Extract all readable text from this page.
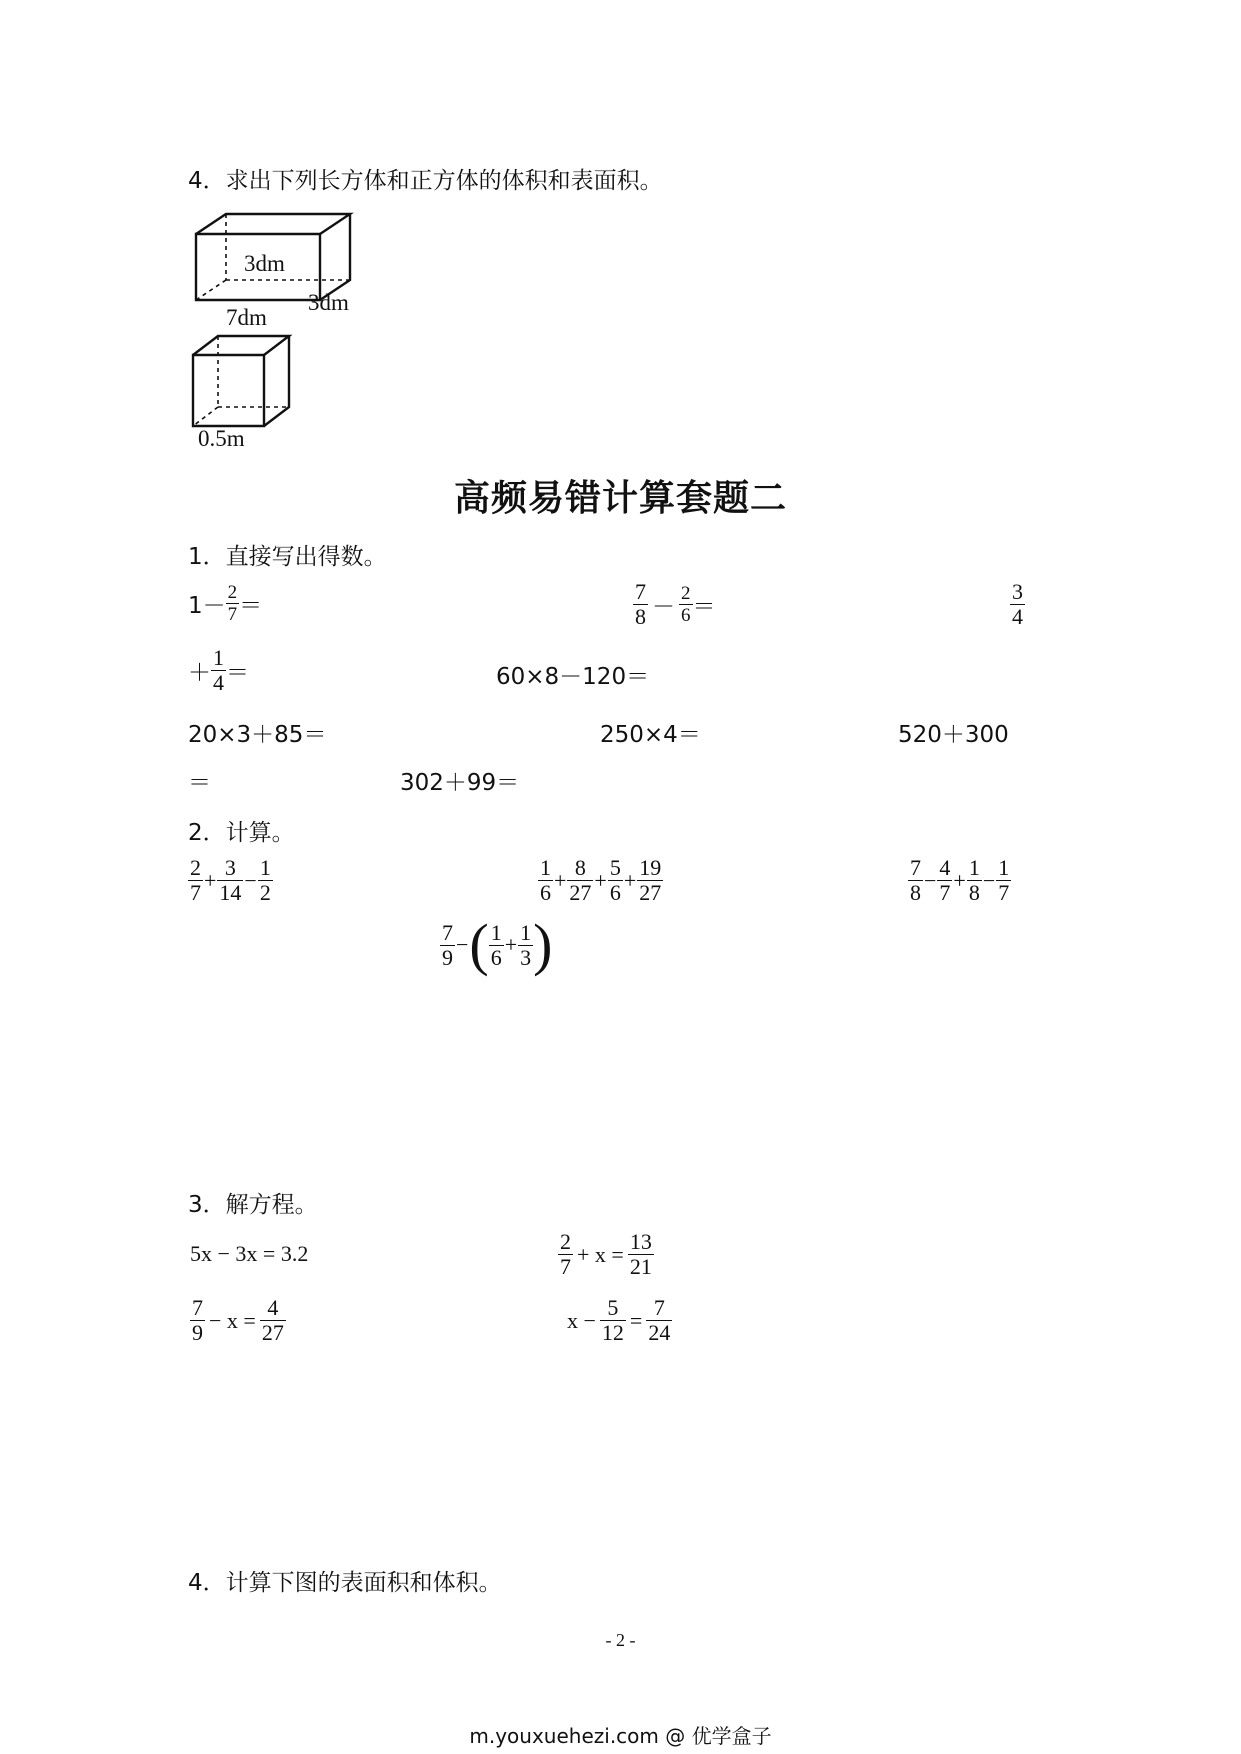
4．求出下列长方体和正方体的体积和表面积。
3dm
3dm
7dm
0.5m
高频易错计算套题二
1．直接写出得数。
$1- \frac{2}{7}$ ＝	$\frac{7}{8} - \frac{2}{6}$ ＝	$\frac{3}{4}$
＋ $\frac{1}{4}$ ＝	60×8－120＝
20×3＋85＝	250×4＝	520＋300
＝	302＋99＝
2．计算。
$\frac{2}{7} + \frac{3}{14} - \frac{1}{2}$	$\frac{1}{6} + \frac{8}{27} + \frac{5}{6} + \frac{19}{27}$	$\frac{7}{8} - \frac{4}{7} + \frac{1}{8} - \frac{1}{7}$
$\frac{7}{9}$ −( $\frac{1}{6} + \frac{1}{3}$ )
3．解方程。
5x − 3x = 3.2	$\frac{2}{7} + x = \frac{13}{21}$
$\frac{7}{9} - x = \frac{4}{27}$	$x - \frac{5}{12} = \frac{7}{24}$
4．计算下图的表面积和体积。
- 2 -
m.youxuehezi.com @ 优学盒子
